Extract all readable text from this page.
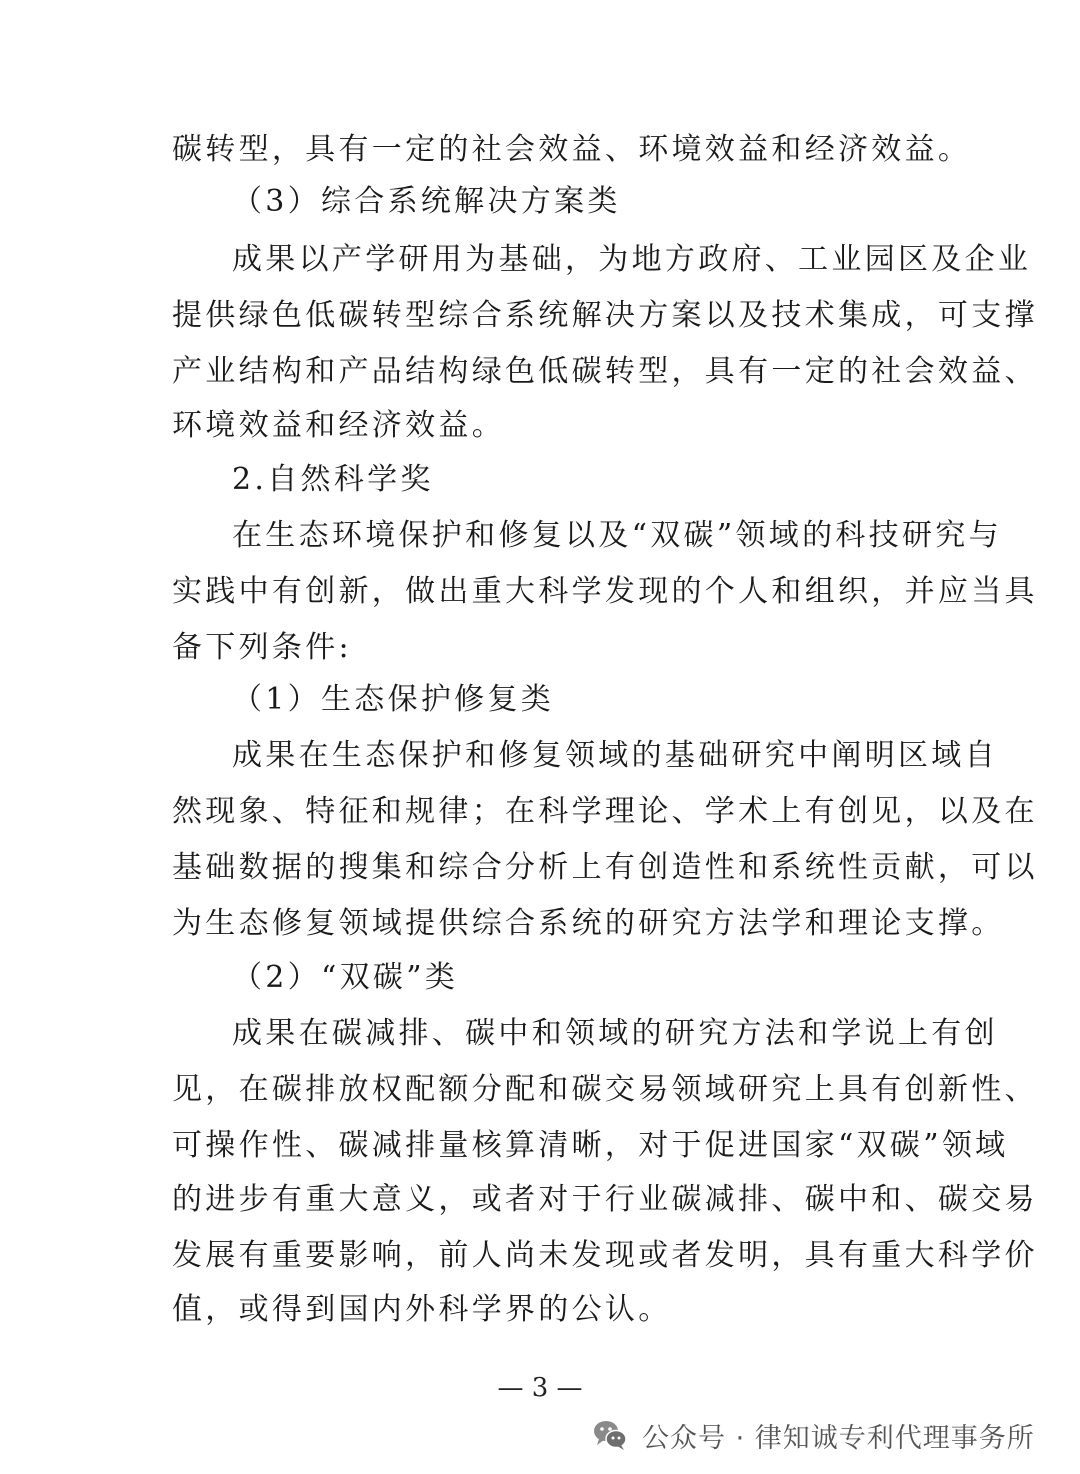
碳转型，具有一定的社会效益、环境效益和经济效益。
（3）综合系统解决方案类
成果以产学研用为基础，为地方政府、工业园区及企业
提供绿色低碳转型综合系统解决方案以及技术集成，可支撑
产业结构和产品结构绿色低碳转型，具有一定的社会效益、
环境效益和经济效益。
2.自然科学奖
在生态环境保护和修复以及“双碳”领域的科技研究与
实践中有创新，做出重大科学发现的个人和组织，并应当具
备下列条件:
（1）生态保护修复类
成果在生态保护和修复领域的基础研究中阐明区域自
然现象、特征和规律；在科学理论、学术上有创见，以及在
基础数据的搜集和综合分析上有创造性和系统性贡献，可以
为生态修复领域提供综合系统的研究方法学和理论支撑。
（2）“双碳”类
成果在碳减排、碳中和领域的研究方法和学说上有创
见，在碳排放权配额分配和碳交易领域研究上具有创新性、
可操作性、碳减排量核算清晰，对于促进国家“双碳”领域
的进步有重大意义，或者对于行业碳减排、碳中和、碳交易
发展有重要影响，前人尚未发现或者发明，具有重大科学价
值，或得到国内外科学界的公认。
— 3 —
公众号 · 律知诚专利代理事务所
